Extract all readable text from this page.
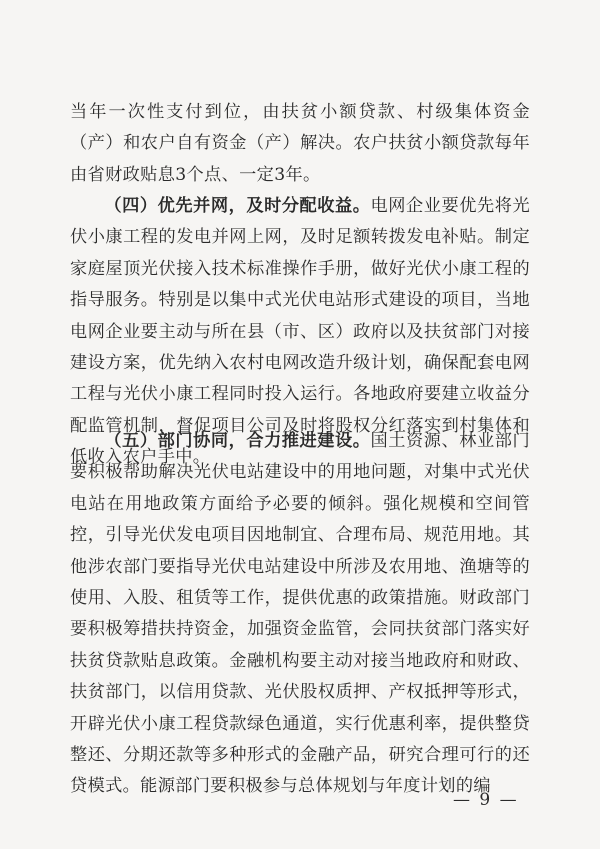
当年一次性支付到位，由扶贫小额贷款、村级集体资金（产）和农户自有资金（产）解决。农户扶贫小额贷款每年由省财政贴息3个点、一定3年。

（四）优先并网，及时分配收益。电网企业要优先将光伏小康工程的发电并网上网，及时足额转拨发电补贴。制定家庭屋顶光伏接入技术标准操作手册，做好光伏小康工程的指导服务。特别是以集中式光伏电站形式建设的项目，当地电网企业要主动与所在县（市、区）政府以及扶贫部门对接建设方案，优先纳入农村电网改造升级计划，确保配套电网工程与光伏小康工程同时投入运行。各地政府要建立收益分配监管机制，督促项目公司及时将股权分红落实到村集体和低收入农户手中。

（五）部门协同，合力推进建设。国土资源、林业部门要积极帮助解决光伏电站建设中的用地问题，对集中式光伏电站在用地政策方面给予必要的倾斜。强化规模和空间管控，引导光伏发电项目因地制宜、合理布局、规范用地。其他涉农部门要指导光伏电站建设中所涉及农用地、渔塘等的使用、入股、租赁等工作，提供优惠的政策措施。财政部门要积极筹措扶持资金，加强资金监管，会同扶贫部门落实好扶贫贷款贴息政策。金融机构要主动对接当地政府和财政、扶贫部门，以信用贷款、光伏股权质押、产权抵押等形式，开辟光伏小康工程贷款绿色通道，实行优惠利率，提供整贷整还、分期还款等多种形式的金融产品，研究合理可行的还贷模式。能源部门要积极参与总体规划与年度计划的编

— 9 —
